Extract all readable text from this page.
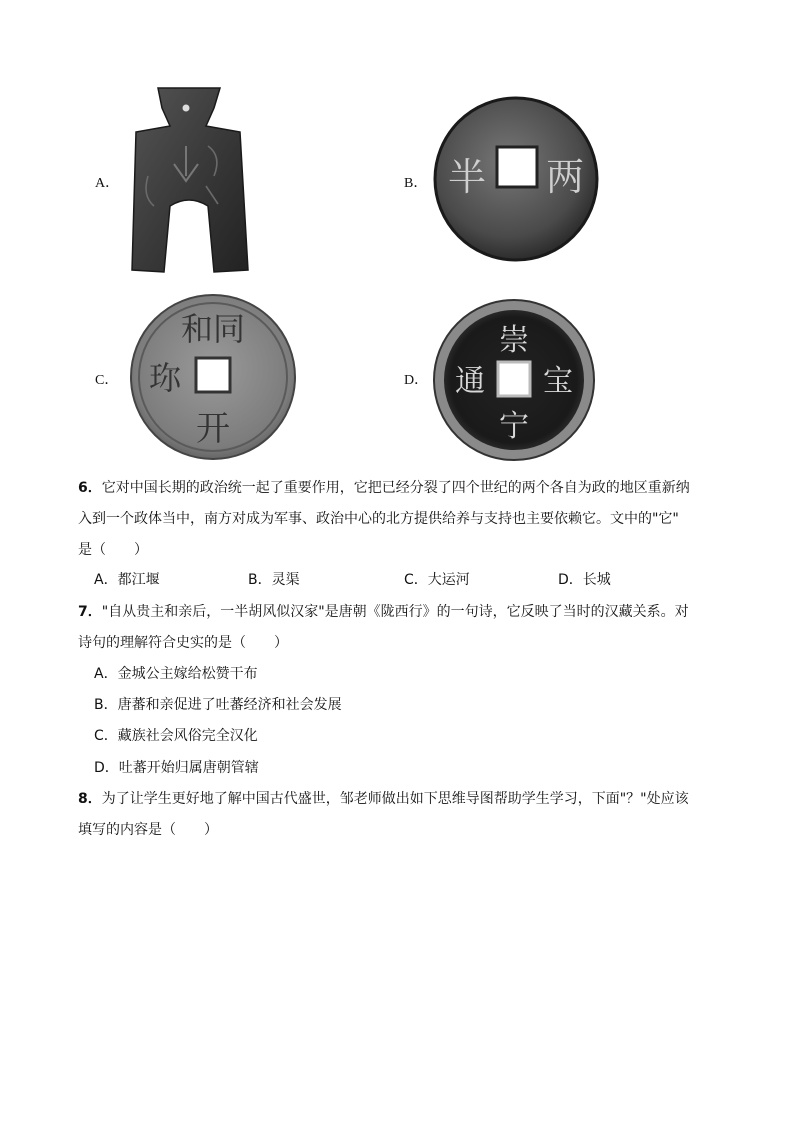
A．	B． 半 两
C．
和同
开
珎	D．
崇
宁
通 宝
6．它对中国长期的政治统一起了重要作用，它把已经分裂了四个世纪的两个各自为政的地区重新纳
入到一个政体当中，南方对成为军事、政治中心的北方提供给养与支持也主要依赖它。文中的"它"
是（　　）
A．都江堰	B．灵渠	C．大运河	D．长城
7．"自从贵主和亲后，一半胡风似汉家"是唐朝《陇西行》的一句诗，它反映了当时的汉藏关系。对
诗句的理解符合史实的是（　　）
A．金城公主嫁给松赞干布
B．唐蕃和亲促进了吐蕃经济和社会发展
C．藏族社会风俗完全汉化
D．吐蕃开始归属唐朝管辖
8．为了让学生更好地了解中国古代盛世，邹老师做出如下思维导图帮助学生学习，下面"？"处应该
填写的内容是（　　）
